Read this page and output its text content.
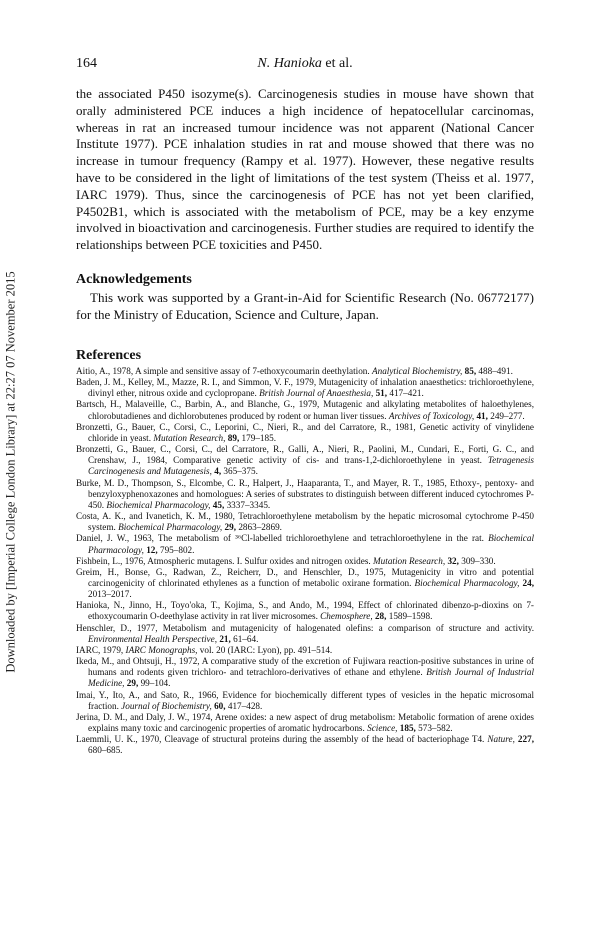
Downloaded by [Imperial College London Library] at 22:27 07 November 2015
164	N. Hanioka et al.

the associated P450 isozyme(s). Carcinogenesis studies in mouse have shown that orally administered PCE induces a high incidence of hepatocellular carcinomas, whereas in rat an increased tumour incidence was not apparent (National Cancer Institute 1977). PCE inhalation studies in rat and mouse showed that there was no increase in tumour frequency (Rampy et al. 1977). However, these negative results have to be considered in the light of limitations of the test system (Theiss et al. 1977, IARC 1979). Thus, since the carcinogenesis of PCE has not yet been clarified, P4502B1, which is associated with the metabolism of PCE, may be a key enzyme involved in bioactivation and carcinogenesis. Further studies are required to identify the relationships between PCE toxicities and P450.

Acknowledgements
This work was supported by a Grant-in-Aid for Scientific Research (No. 06772177) for the Ministry of Education, Science and Culture, Japan.
References
Aitio, A., 1978, A simple and sensitive assay of 7-ethoxycoumarin deethylation. Analytical Biochemistry, 85, 488–491.
Baden, J. M., Kelley, M., Mazze, R. I., and Simmon, V. F., 1979, Mutagenicity of inhalation anaesthetics: trichloroethylene, divinyl ether, nitrous oxide and cyclopropane. British Journal of Anaesthesia, 51, 417–421.
Bartsch, H., Malaveille, C., Barbin, A., and Blanche, G., 1979, Mutagenic and alkylating metabolites of haloethylenes, chlorobutadienes and dichlorobutenes produced by rodent or human liver tissues. Archives of Toxicology, 41, 249–277.
Bronzetti, G., Bauer, C., Corsi, C., Leporini, C., Nieri, R., and del Carratore, R., 1981, Genetic activity of vinylidene chloride in yeast. Mutation Research, 89, 179–185.
Bronzetti, G., Bauer, C., Corsi, C., del Carratore, R., Galli, A., Nieri, R., Paolini, M., Cundari, E., Forti, G. C., and Crenshaw, J., 1984, Comparative genetic activity of cis- and trans-1,2-dichloroethylene in yeast. Tetragenesis Carcinogenesis and Mutagenesis, 4, 365–375.
Burke, M. D., Thompson, S., Elcombe, C. R., Halpert, J., Haaparanta, T., and Mayer, R. T., 1985, Ethoxy-, pentoxy- and benzyloxyphenoxazones and homologues: A series of substrates to distinguish between different induced cytochromes P-450. Biochemical Pharmacology, 45, 3337–3345.
Costa, A. K., and Ivanetich, K. M., 1980, Tetrachloroethylene metabolism by the hepatic microsomal cytochrome P-450 system. Biochemical Pharmacology, 29, 2863–2869.
Daniel, J. W., 1963, The metabolism of ³⁶Cl-labelled trichloroethylene and tetrachloroethylene in the rat. Biochemical Pharmacology, 12, 795–802.
Fishbein, L., 1976, Atmospheric mutagens. I. Sulfur oxides and nitrogen oxides. Mutation Research, 32, 309–330.
Greim, H., Bonse, G., Radwan, Z., Reicherr, D., and Henschler, D., 1975, Mutagenicity in vitro and potential carcinogenicity of chlorinated ethylenes as a function of metabolic oxirane formation. Biochemical Pharmacology, 24, 2013–2017.
Hanioka, N., Jinno, H., Toyo'oka, T., Kojima, S., and Ando, M., 1994, Effect of chlorinated dibenzo-p-dioxins on 7-ethoxycoumarin O-deethylase activity in rat liver microsomes. Chemosphere, 28, 1589–1598.
Henschler, D., 1977, Metabolism and mutagenicity of halogenated olefins: a comparison of structure and activity. Environmental Health Perspective, 21, 61–64.
IARC, 1979, IARC Monographs, vol. 20 (IARC: Lyon), pp. 491–514.
Ikeda, M., and Ohtsuji, H., 1972, A comparative study of the excretion of Fujiwara reaction-positive substances in urine of humans and rodents given trichloro- and tetrachloro-derivatives of ethane and ethylene. British Journal of Industrial Medicine, 29, 99–104.
Imai, Y., Ito, A., and Sato, R., 1966, Evidence for biochemically different types of vesicles in the hepatic microsomal fraction. Journal of Biochemistry, 60, 417–428.
Jerina, D. M., and Daly, J. W., 1974, Arene oxides: a new aspect of drug metabolism: Metabolic formation of arene oxides explains many toxic and carcinogenic properties of aromatic hydrocarbons. Science, 185, 573–582.
Laemmli, U. K., 1970, Cleavage of structural proteins during the assembly of the head of bacteriophage T4. Nature, 227, 680–685.
